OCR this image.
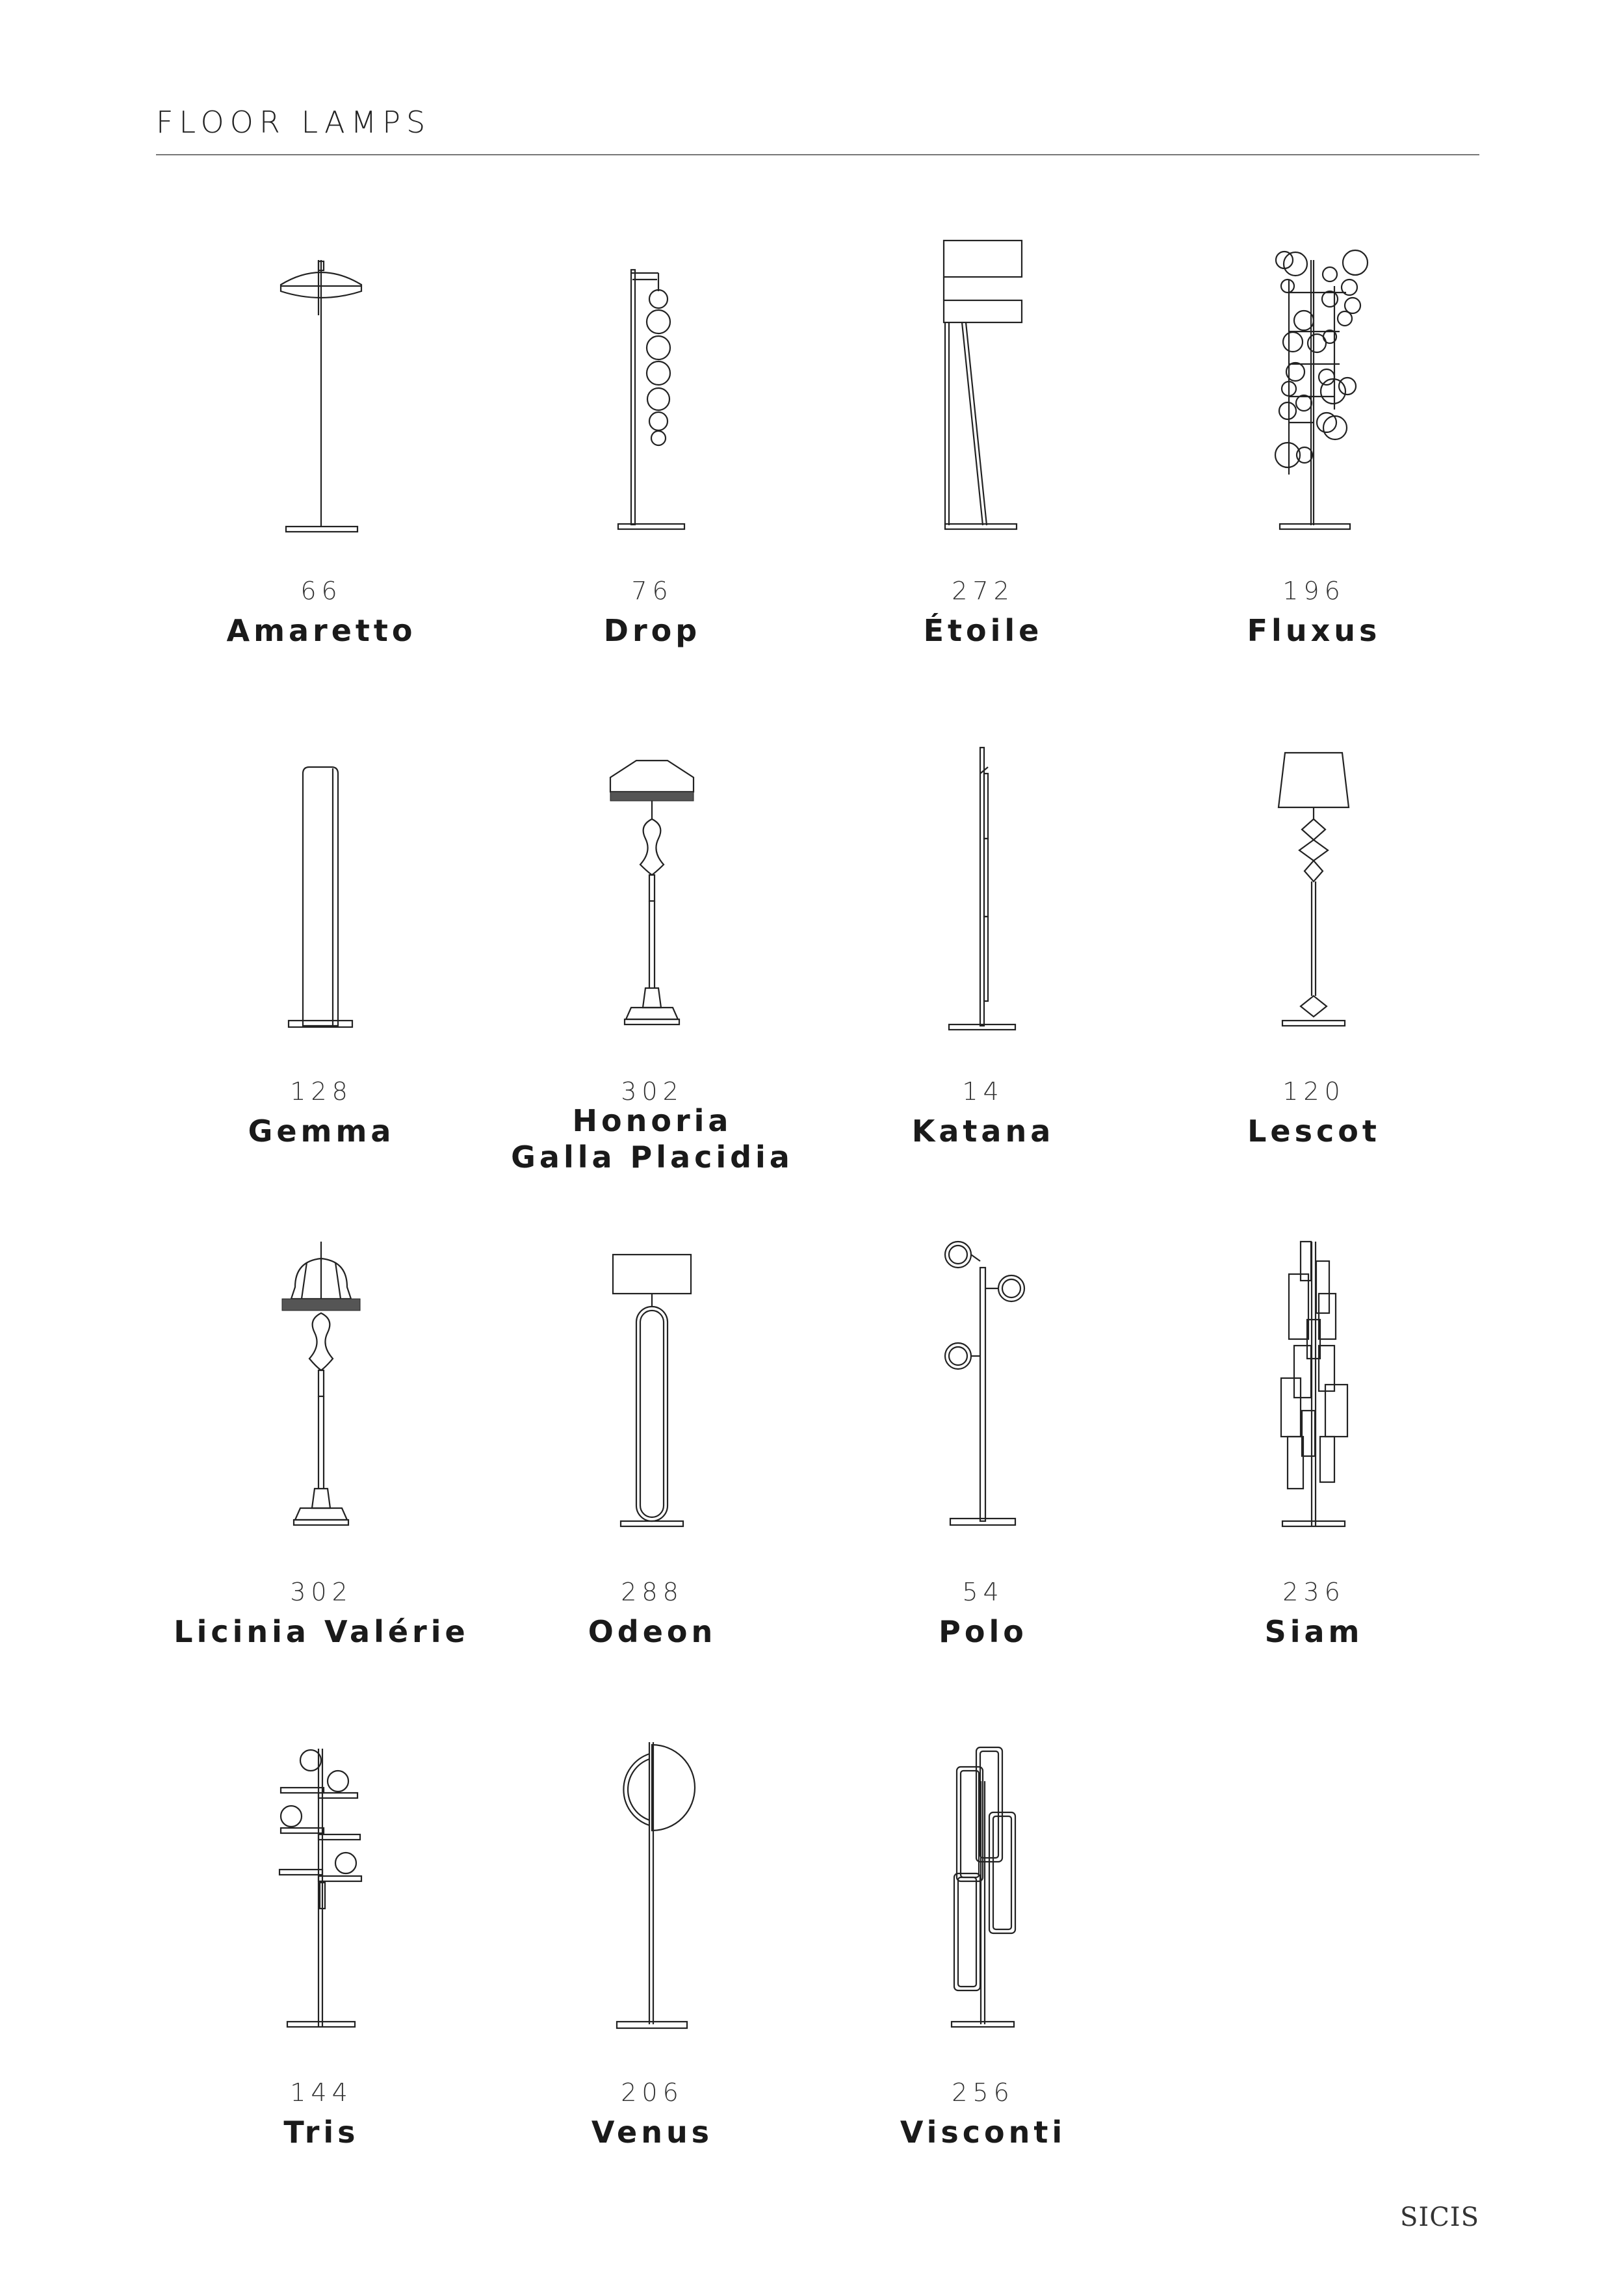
FLOOR LAMPS
66
Amaretto
76
Drop
272
Étoile
196
Fluxus
128
Gemma
302
Honoria
Galla Placidia
14
Katana
120
Lescot
302
Licinia Valérie
288
Odeon
54
Polo
236
Siam
144
Tris
206
Venus
256
Visconti
SICIS
